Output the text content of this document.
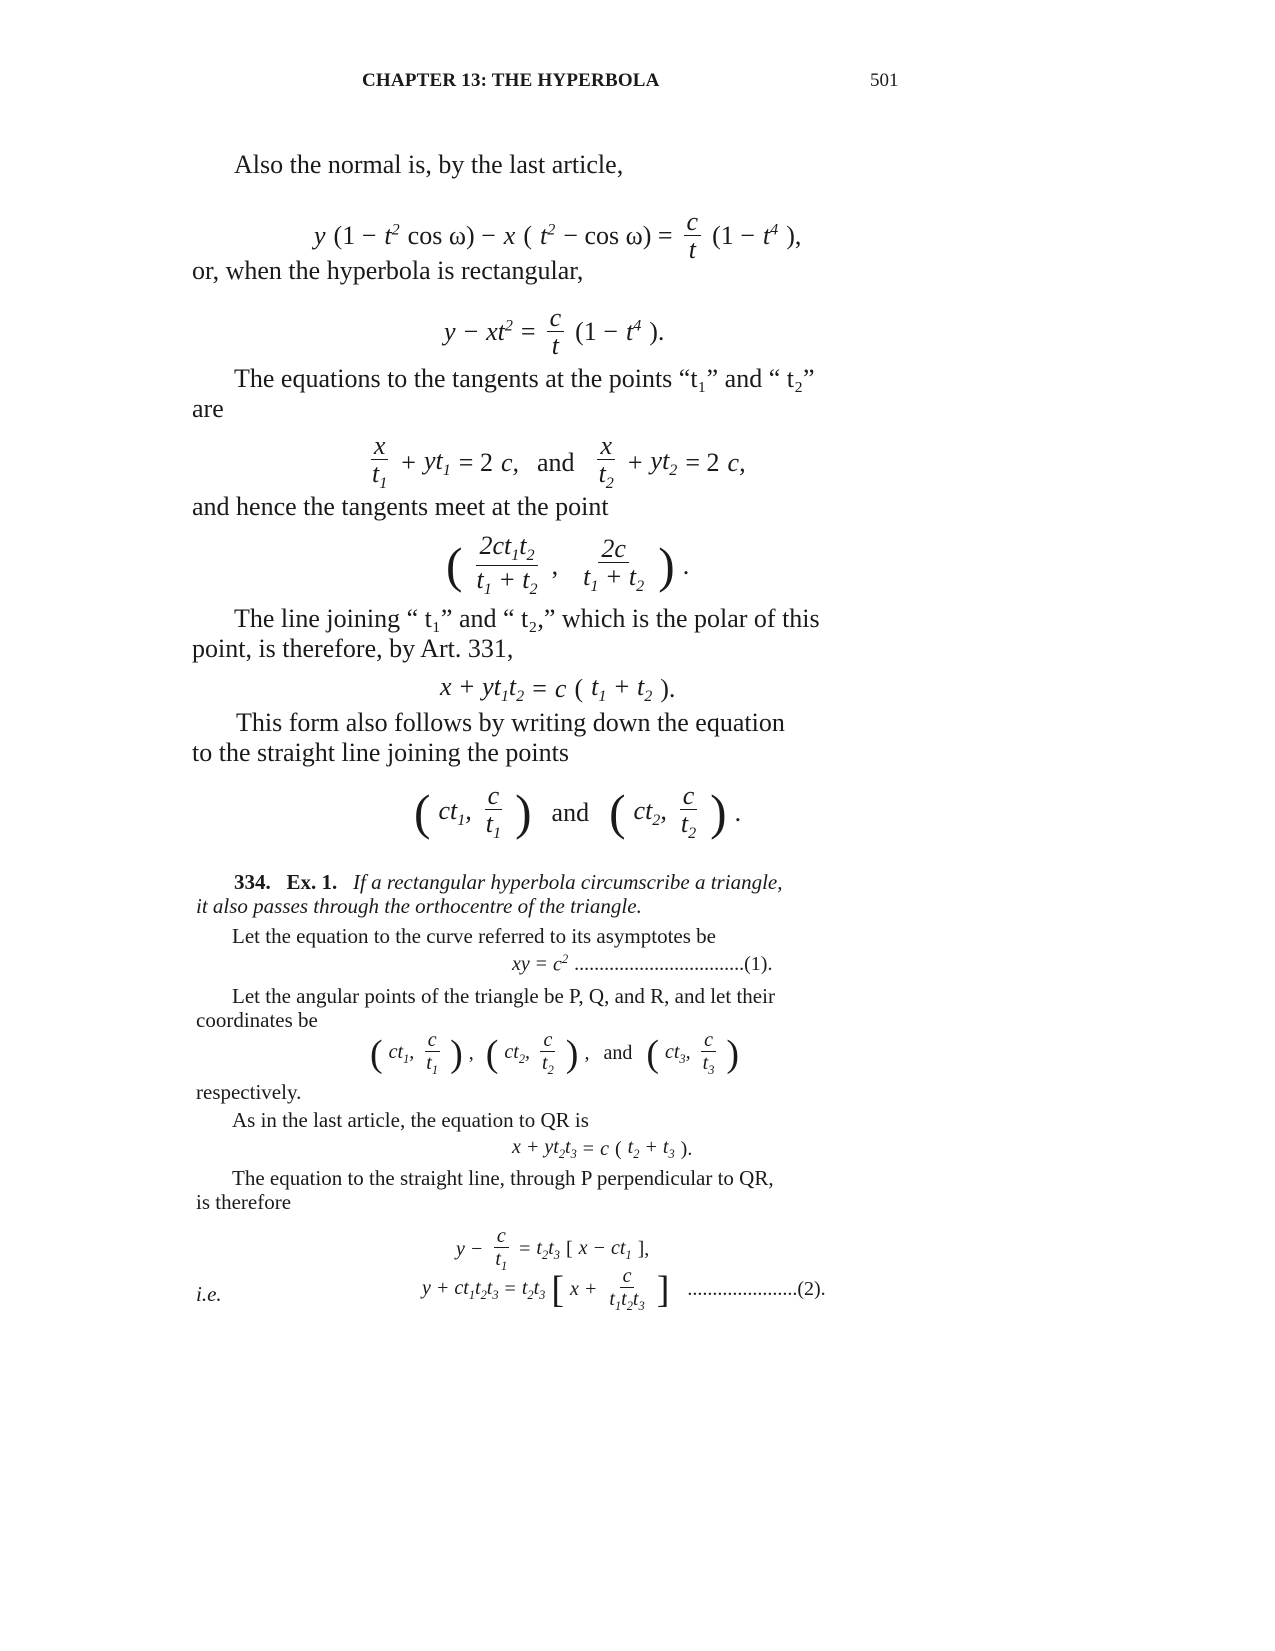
CHAPTER 13: THE HYPERBOLA	501
Also the normal is, by the last article,
y ($1 - t^2$ cos ω) − x ( $t^2 - \cos \omega) = \frac{c}{t} (1 - t^4$ ),
or, when the hyperbola is rectangular,
$y - xt^2 = \frac{c}{t} (1 - t^4$ ).
The equations to the tangents at the points “t₁” and “ t₂”
are
$\frac{x}{t_1} + yt_1 = 2$ c, and $\frac{x}{t_2} + yt_2 = 2$ c,
and hence the tangents meet at the point
( $\frac{2ct_1t_2}{t_1 + t_2}$ , $\frac{2c}{t_1 + t_2}$ ) .
The line joining “ t₁” and “ t₂,” which is the polar of this
point, is therefore, by Art. 331,
$x + yt_1t_2 = c$ ( $t_1 + t_2$ ).
This form also follows by writing down the equation
to the straight line joining the points
( $ct_1$, $\frac{c}{t_1}$ ) and ( $ct_2$, $\frac{c}{t_2}$ ) .
334. Ex. 1. If a rectangular hyperbola circumscribe a triangle,
it also passes through the orthocentre of the triangle.
Let the equation to the curve referred to its asymptotes be
xy = $c^2$ ..................................(1).
Let the angular points of the triangle be P, Q, and R, and let their
coordinates be
( $ct_1$, $\frac{c}{t_1}$ ) , ( $ct_2$, $\frac{c}{t_2}$ ) , and ( $ct_3$, $\frac{c}{t_3}$ )
respectively.
As in the last article, the equation to QR is
$x + yt_2t_3 = c$ ( $t_2 + t_3$ ).
The equation to the straight line, through P perpendicular to QR,
is therefore
$y - \frac{c}{t_1} = t_2t_3$ [ $x - ct_1$ ],
i.e.	$y + ct_1t_2t_3 = t_2t_3$ [ $x + \frac{c}{t_1t_2t_3}$ ] ......................(2).
